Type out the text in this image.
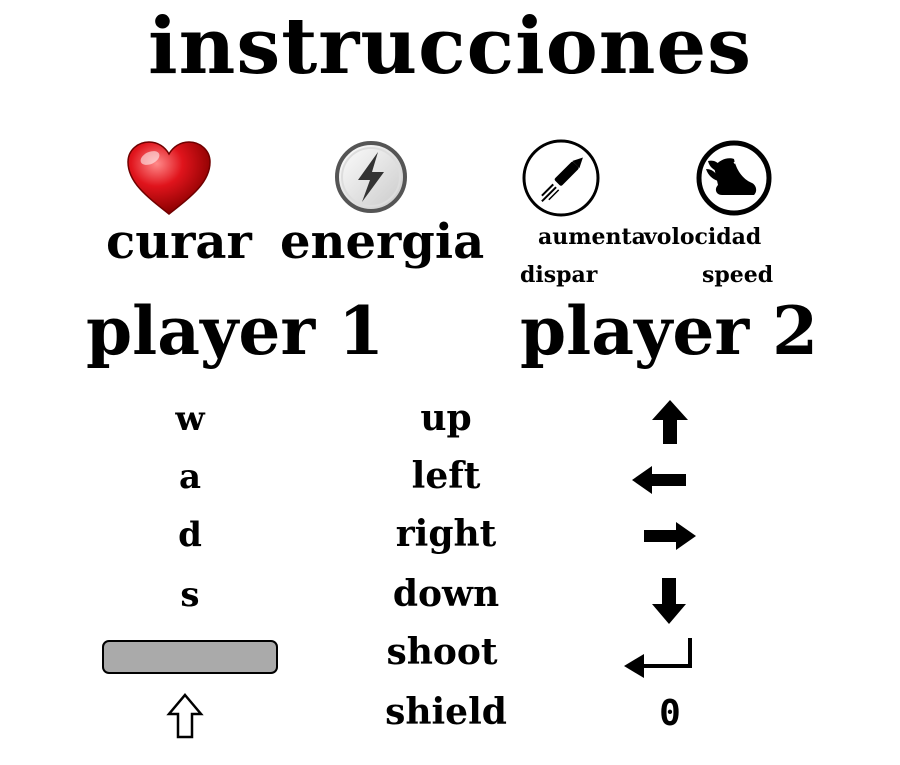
instrucciones
curar energia aumenta
volocidad
dispar	speed
player 1 player 2
w
a
d
s
up
left
right
down
shoot
shield	0
